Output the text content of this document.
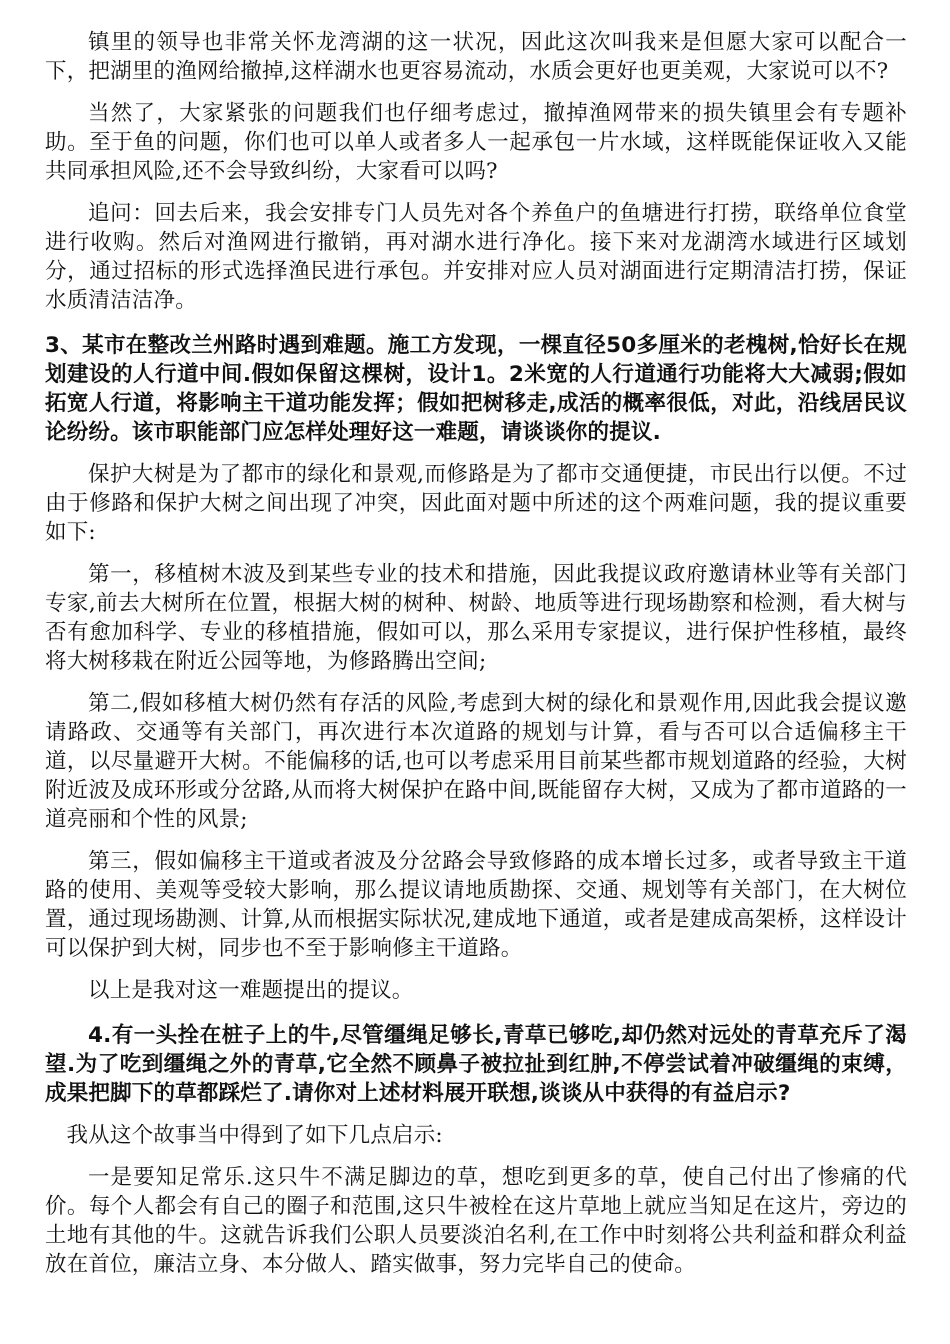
镇里的领导也非常关怀龙湾湖的这一状况，因此这次叫我来是但愿大家可以配合一下，把湖里的渔网给撤掉,这样湖水也更容易流动，水质会更好也更美观，大家说可以不?

当然了，大家紧张的问题我们也仔细考虑过，撤掉渔网带来的损失镇里会有专题补助。至于鱼的问题，你们也可以单人或者多人一起承包一片水域，这样既能保证收入又能共同承担风险,还不会导致纠纷，大家看可以吗?

追问：回去后来，我会安排专门人员先对各个养鱼户的鱼塘进行打捞，联络单位食堂进行收购。然后对渔网进行撤销，再对湖水进行净化。接下来对龙湖湾水域进行区域划分，通过招标的形式选择渔民进行承包。并安排对应人员对湖面进行定期清洁打捞，保证水质清洁洁净。

3、某市在整改兰州路时遇到难题。施工方发现，一棵直径50多厘米的老槐树,恰好长在规划建设的人行道中间.假如保留这棵树，设计1。2米宽的人行道通行功能将大大减弱;假如拓宽人行道，将影响主干道功能发挥；假如把树移走,成活的概率很低，对此，沿线居民议论纷纷。该市职能部门应怎样处理好这一难题，请谈谈你的提议.

保护大树是为了都市的绿化和景观,而修路是为了都市交通便捷，市民出行以便。不过由于修路和保护大树之间出现了冲突，因此面对题中所述的这个两难问题，我的提议重要如下:

第一，移植树木波及到某些专业的技术和措施，因此我提议政府邀请林业等有关部门专家,前去大树所在位置，根据大树的树种、树龄、地质等进行现场勘察和检测，看大树与否有愈加科学、专业的移植措施，假如可以，那么采用专家提议，进行保护性移植，最终将大树移栽在附近公园等地，为修路腾出空间;

第二,假如移植大树仍然有存活的风险,考虑到大树的绿化和景观作用,因此我会提议邀请路政、交通等有关部门，再次进行本次道路的规划与计算，看与否可以合适偏移主干道，以尽量避开大树。不能偏移的话,也可以考虑采用目前某些都市规划道路的经验，大树附近波及成环形或分岔路,从而将大树保护在路中间,既能留存大树，又成为了都市道路的一道亮丽和个性的风景;

第三，假如偏移主干道或者波及分岔路会导致修路的成本增长过多，或者导致主干道路的使用、美观等受较大影响，那么提议请地质勘探、交通、规划等有关部门，在大树位置，通过现场勘测、计算,从而根据实际状况,建成地下通道，或者是建成高架桥，这样设计可以保护到大树，同步也不至于影响修主干道路。

以上是我对这一难题提出的提议。

4.有一头拴在桩子上的牛,尽管缰绳足够长,青草已够吃,却仍然对远处的青草充斥了渴望.为了吃到缰绳之外的青草,它全然不顾鼻子被拉扯到红肿,不停尝试着冲破缰绳的束缚，成果把脚下的草都踩烂了.请你对上述材料展开联想,谈谈从中获得的有益启示?

我从这个故事当中得到了如下几点启示:

一是要知足常乐.这只牛不满足脚边的草，想吃到更多的草，使自己付出了惨痛的代价。每个人都会有自己的圈子和范围,这只牛被栓在这片草地上就应当知足在这片，旁边的土地有其他的牛。这就告诉我们公职人员要淡泊名利,在工作中时刻将公共利益和群众利益放在首位，廉洁立身、本分做人、踏实做事，努力完毕自己的使命。
